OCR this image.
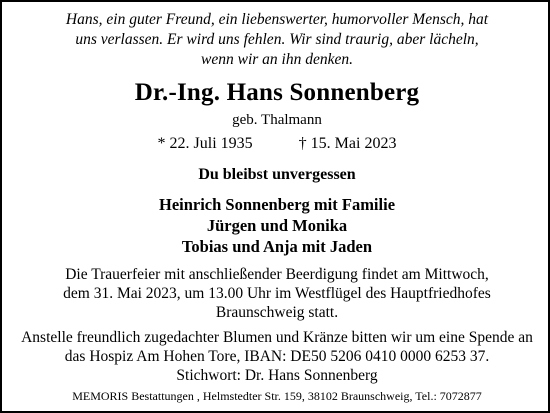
Hans, ein guter Freund, ein liebenswerter, humorvoller Mensch, hat
uns verlassen. Er wird uns fehlen. Wir sind traurig, aber lächeln,
wenn wir an ihn denken.
Dr.-Ing. Hans Sonnenberg
geb. Thalmann
* 22. Juli 1935	† 15. Mai 2023
Du bleibst unvergessen
Heinrich Sonnenberg mit Familie
Jürgen und Monika
Tobias und Anja mit Jaden
Die Trauerfeier mit anschließender Beerdigung findet am Mittwoch,
dem 31. Mai 2023, um 13.00 Uhr im Westflügel des Hauptfriedhofes
Braunschweig statt.
Anstelle freundlich zugedachter Blumen und Kränze bitten wir um eine Spende an
das Hospiz Am Hohen Tore, IBAN: DE50 5206 0410 0000 6253 37.
Stichwort: Dr. Hans Sonnenberg
MEMORIS Bestattungen , Helmstedter Str. 159, 38102 Braunschweig, Tel.: 7072877
